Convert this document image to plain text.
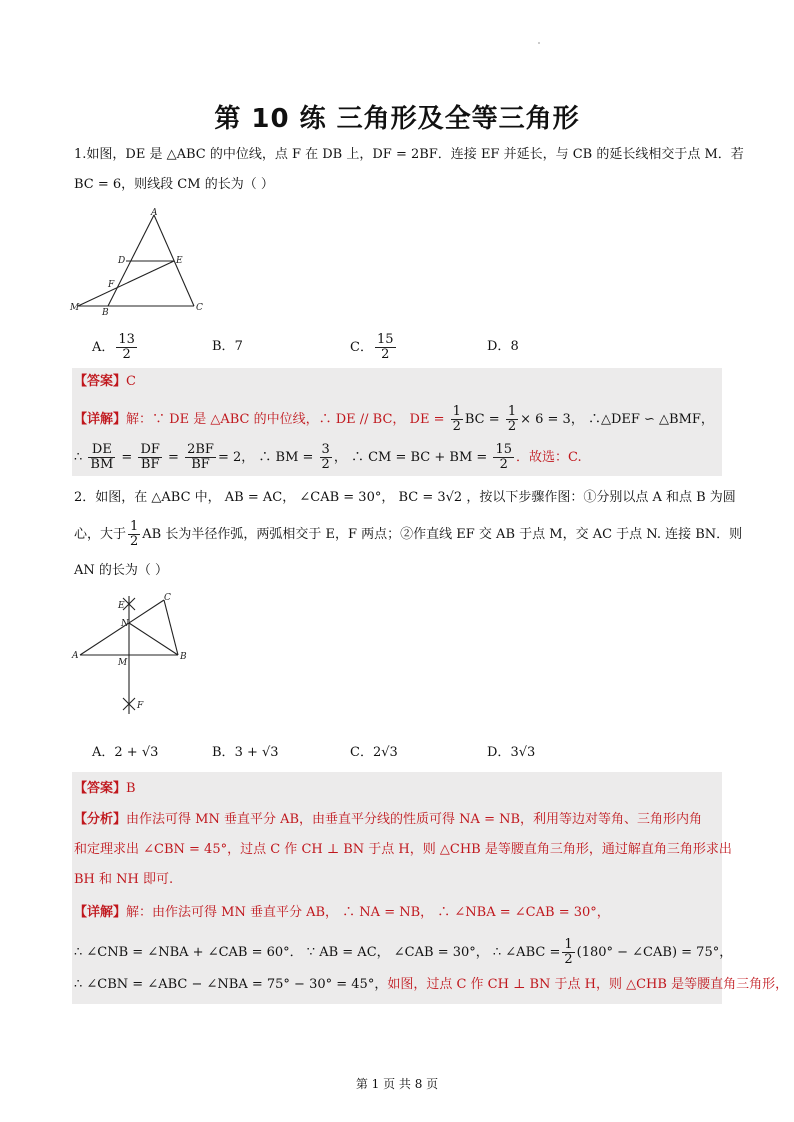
第 10 练 三角形及全等三角形
1.如图，DE 是 △ABC 的中位线，点 F 在 DB 上，DF = 2BF．连接 EF 并延长，与 CB 的延长线相交于点 M．若
BC = 6，则线段 CM 的长为（ ）
A
D	E
F
M	B	C
A． $\frac{13}{2}$	B．7	C． $\frac{15}{2}$	D．8
【答案】C
【详解】解：∵ DE 是 △ABC 的中位线，∴ DE // BC， DE = $\frac{1}{2}$ BC = $\frac{1}{2} \times 6 = 3$， ∴△DEF ∽ △BMF，
∴ $\frac{DE}{BM} = \frac{DF}{BF} = \frac{2BF}{BF} = 2$， ∴ BM = $\frac{3}{2}$ ， ∴ CM = BC + BM = $\frac{15}{2}$ ．故选：C.
2．如图，在 △ABC 中， AB = AC， ∠CAB = 30°， BC = 3√2 ，按以下步骤作图：①分别以点 A 和点 B 为圆
心，大于 $\frac{1}{2}$ AB 长为半径作弧，两弧相交于 E，F 两点；②作直线 EF 交 AB 于点 M，交 AC 于点 N. 连接 BN．则
AN 的长为（ ）
E
C
N
A
M
B
F
A．2 + √3	B．3 + √3	C．2√3	D．3√3
【答案】B
【分析】由作法可得 MN 垂直平分 AB，由垂直平分线的性质可得 NA = NB，利用等边对等角、三角形内角
和定理求出 ∠CBN = 45°，过点 C 作 CH ⊥ BN 于点 H，则 △CHB 是等腰直角三角形，通过解直角三角形求出
BH 和 NH 即可.
【详解】解：由作法可得 MN 垂直平分 AB， ∴ NA = NB， ∴ ∠NBA = ∠CAB = 30°，
∴ ∠CNB = ∠NBA + ∠CAB = 60°． ∵ AB = AC， ∠CAB = 30°， ∴ ∠ABC = $\frac{1}{2} (180^\circ$ − ∠CAB) = 75°，
∴ ∠CBN = ∠ABC − ∠NBA = 75° − 30° = 45°，如图，过点 C 作 CH ⊥ BN 于点 H，则 △CHB 是等腰直角三角形，
第 1 页 共 8 页
